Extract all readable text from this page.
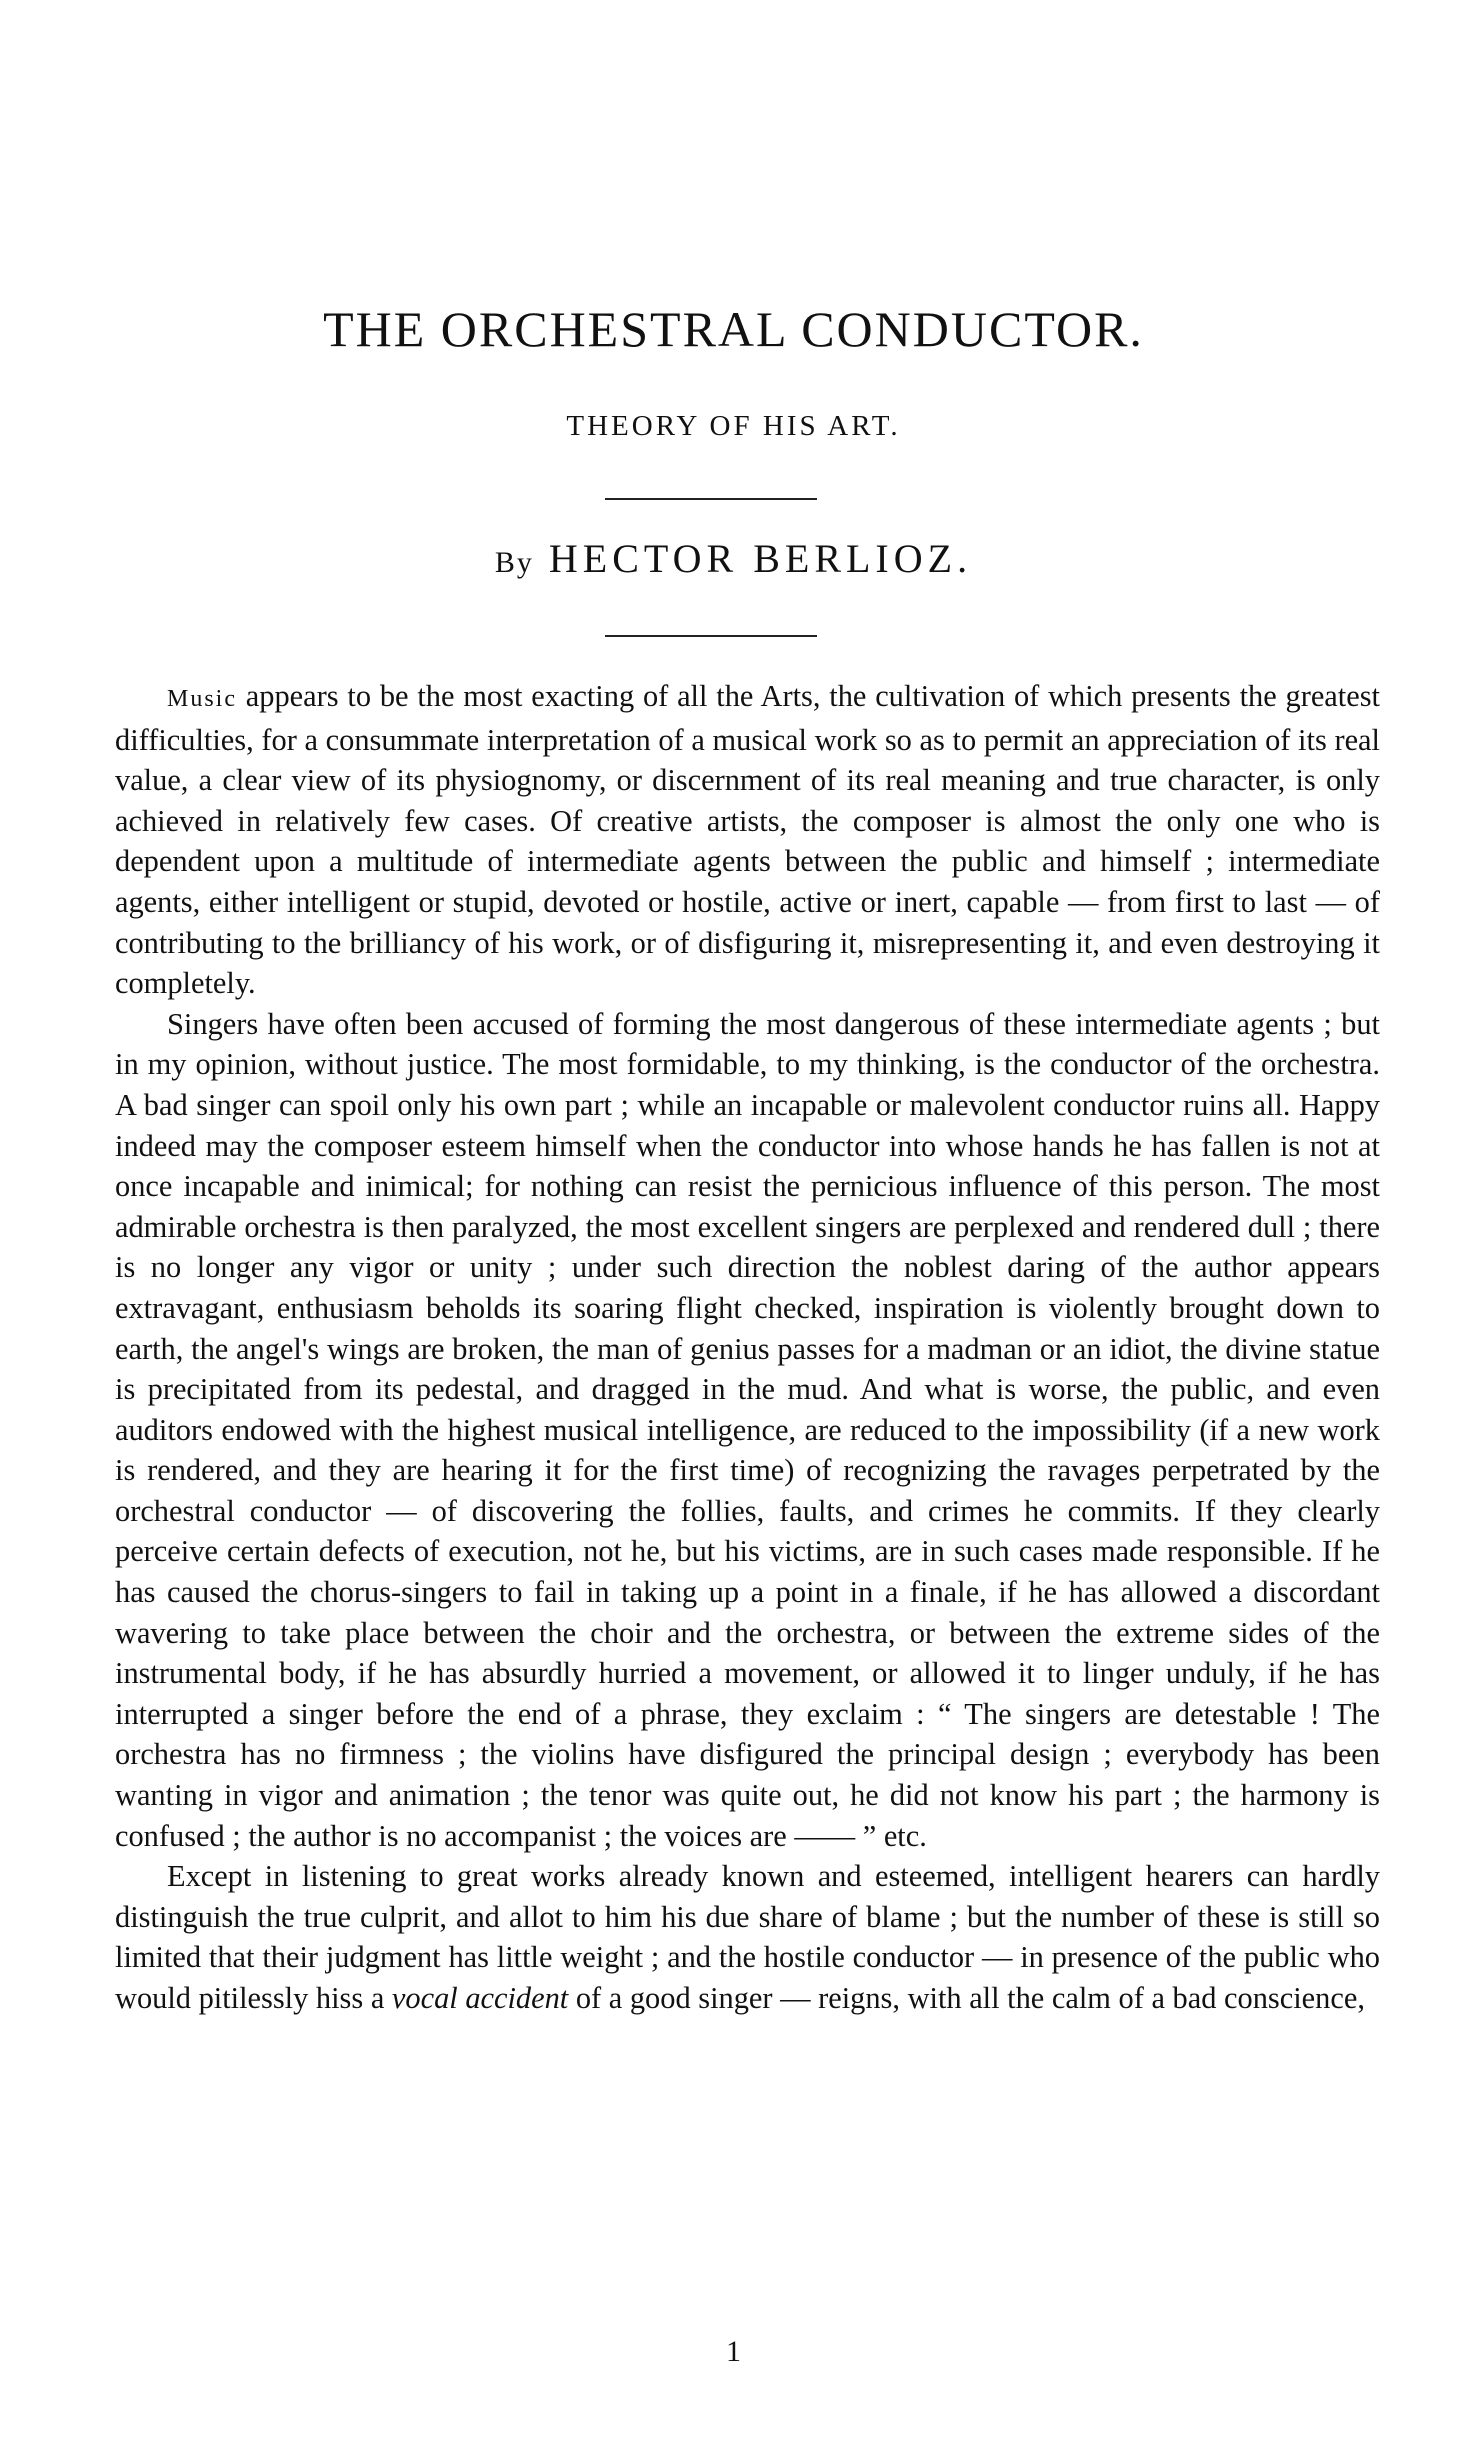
THE ORCHESTRAL CONDUCTOR.
THEORY OF HIS ART.
By HECTOR BERLIOZ.

Music appears to be the most exacting of all the Arts, the cultivation of which presents the greatest difficulties, for a consummate interpretation of a musical work so as to permit an appreciation of its real value, a clear view of its physiognomy, or discernment of its real meaning and true character, is only achieved in relatively few cases. Of creative artists, the composer is almost the only one who is dependent upon a multitude of intermediate agents between the public and himself ; intermediate agents, either intelligent or stupid, devoted or hostile, active or inert, capable — from first to last — of contributing to the brilliancy of his work, or of disfiguring it, misrepresenting it, and even destroying it completely.

Singers have often been accused of forming the most dangerous of these intermediate agents ; but in my opinion, without justice. The most formidable, to my thinking, is the conductor of the orchestra. A bad singer can spoil only his own part ; while an incapable or malevolent conductor ruins all. Happy indeed may the composer esteem himself when the conductor into whose hands he has fallen is not at once incapable and inimical; for nothing can resist the pernicious influence of this person. The most admirable orchestra is then paralyzed, the most excellent singers are perplexed and rendered dull ; there is no longer any vigor or unity ; under such direction the noblest daring of the author appears extravagant, enthusiasm beholds its soaring flight checked, inspiration is violently brought down to earth, the angel's wings are broken, the man of genius passes for a madman or an idiot, the divine statue is precipitated from its pedestal, and dragged in the mud. And what is worse, the public, and even auditors endowed with the highest musical intelligence, are reduced to the impossibility (if a new work is rendered, and they are hearing it for the first time) of recognizing the ravages perpetrated by the orchestral conductor — of discovering the follies, faults, and crimes he commits. If they clearly perceive certain defects of execution, not he, but his victims, are in such cases made responsible. If he has caused the chorus-singers to fail in taking up a point in a finale, if he has allowed a discordant wavering to take place between the choir and the orchestra, or between the extreme sides of the instrumental body, if he has absurdly hurried a movement, or allowed it to linger unduly, if he has interrupted a singer before the end of a phrase, they exclaim : “ The singers are detestable ! The orchestra has no firmness ; the violins have disfigured the principal design ; everybody has been wanting in vigor and animation ; the tenor was quite out, he did not know his part ; the harmony is confused ; the author is no accompanist ; the voices are —— ” etc.

Except in listening to great works already known and esteemed, intelligent hearers can hardly distinguish the true culprit, and allot to him his due share of blame ; but the number of these is still so limited that their judgment has little weight ; and the hostile conductor — in presence of the public who would pitilessly hiss a vocal accident of a good singer — reigns, with all the calm of a bad conscience,

1
